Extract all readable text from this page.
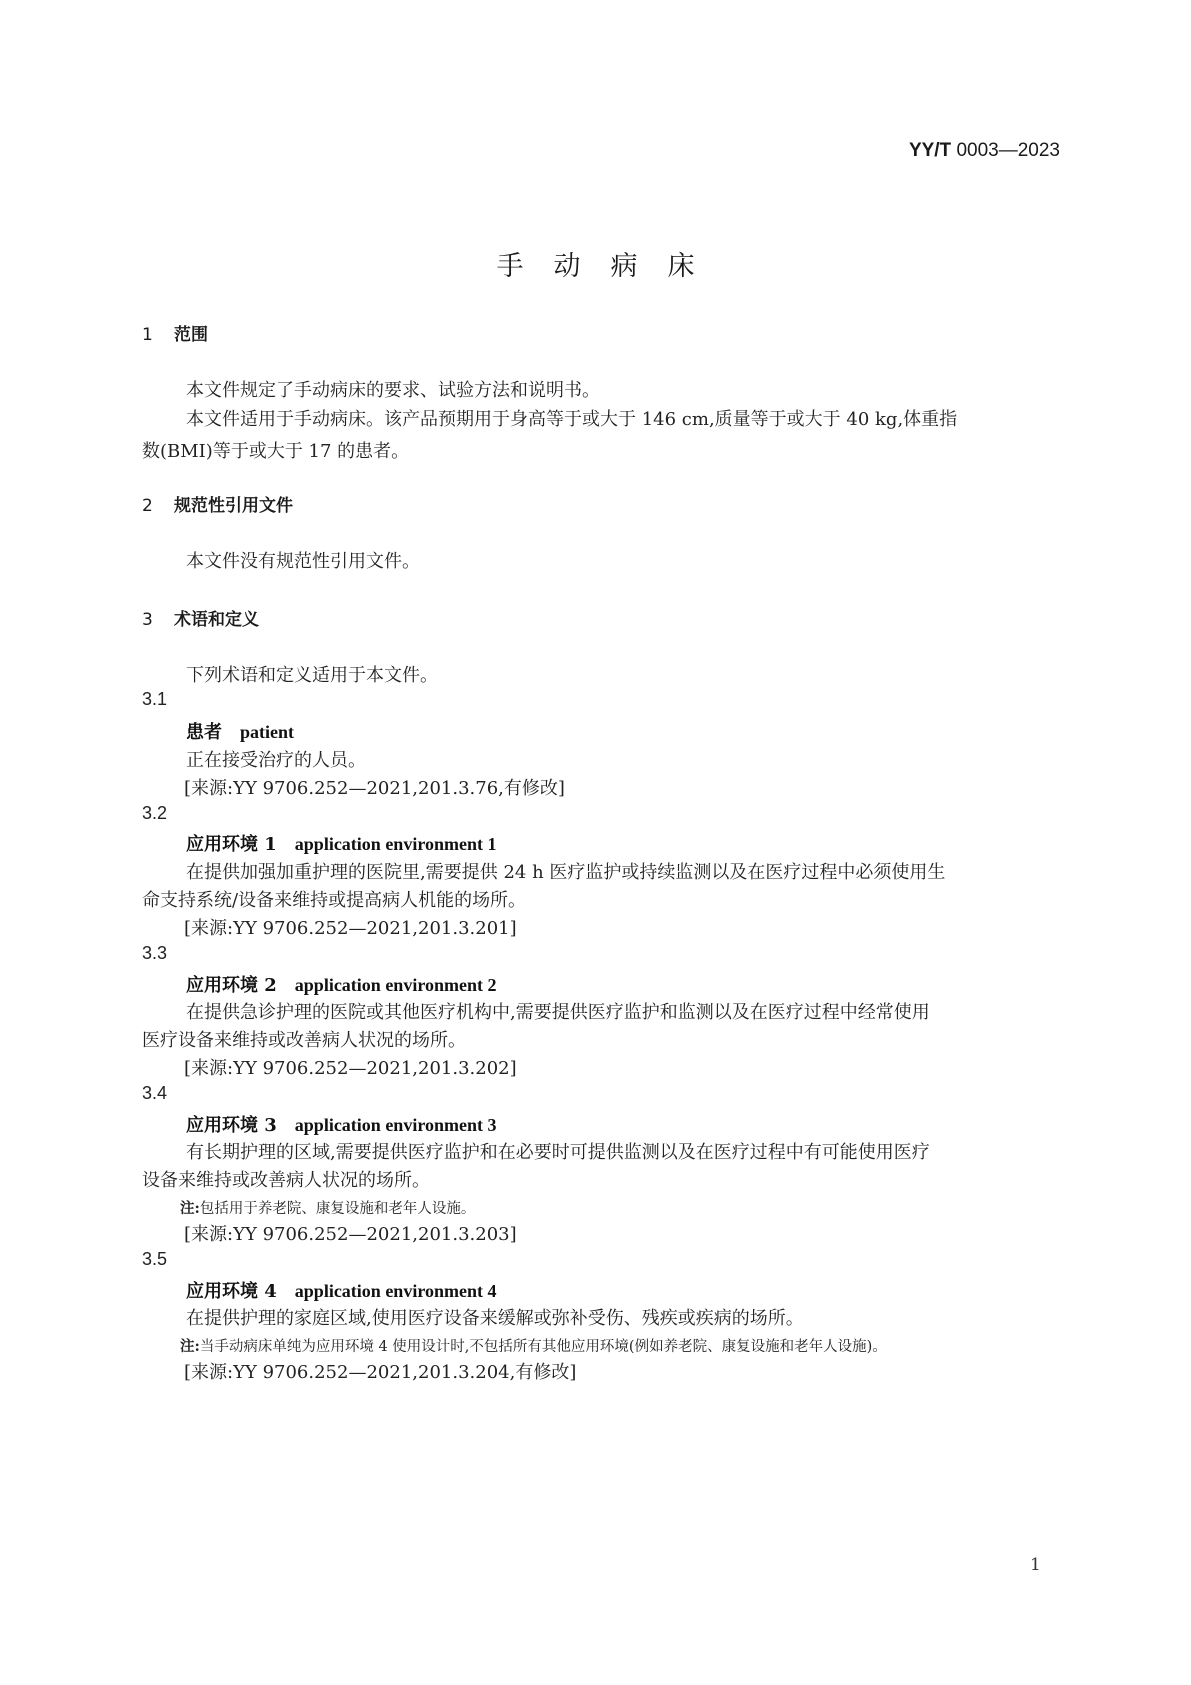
YY/T 0003—2023
手动病床
1 范围
本文件规定了手动病床的要求、试验方法和说明书。
本文件适用于手动病床。该产品预期用于身高等于或大于 146 cm,质量等于或大于 40 kg,体重指
数(BMI)等于或大于 17 的患者。
2 规范性引用文件
本文件没有规范性引用文件。
3 术语和定义
下列术语和定义适用于本文件。
3.1
患者 patient
正在接受治疗的人员。
[来源:YY 9706.252—2021,201.3.76,有修改]
3.2
应用环境 1 application environment 1
在提供加强加重护理的医院里,需要提供 24 h 医疗监护或持续监测以及在医疗过程中必须使用生
命支持系统/设备来维持或提高病人机能的场所。
[来源:YY 9706.252—2021,201.3.201]
3.3
应用环境 2 application environment 2
在提供急诊护理的医院或其他医疗机构中,需要提供医疗监护和监测以及在医疗过程中经常使用
医疗设备来维持或改善病人状况的场所。
[来源:YY 9706.252—2021,201.3.202]
3.4
应用环境 3 application environment 3
有长期护理的区域,需要提供医疗监护和在必要时可提供监测以及在医疗过程中有可能使用医疗
设备来维持或改善病人状况的场所。
注:包括用于养老院、康复设施和老年人设施。
[来源:YY 9706.252—2021,201.3.203]
3.5
应用环境 4 application environment 4
在提供护理的家庭区域,使用医疗设备来缓解或弥补受伤、残疾或疾病的场所。
注:当手动病床单纯为应用环境 4 使用设计时,不包括所有其他应用环境(例如养老院、康复设施和老年人设施)。
[来源:YY 9706.252—2021,201.3.204,有修改]
1
